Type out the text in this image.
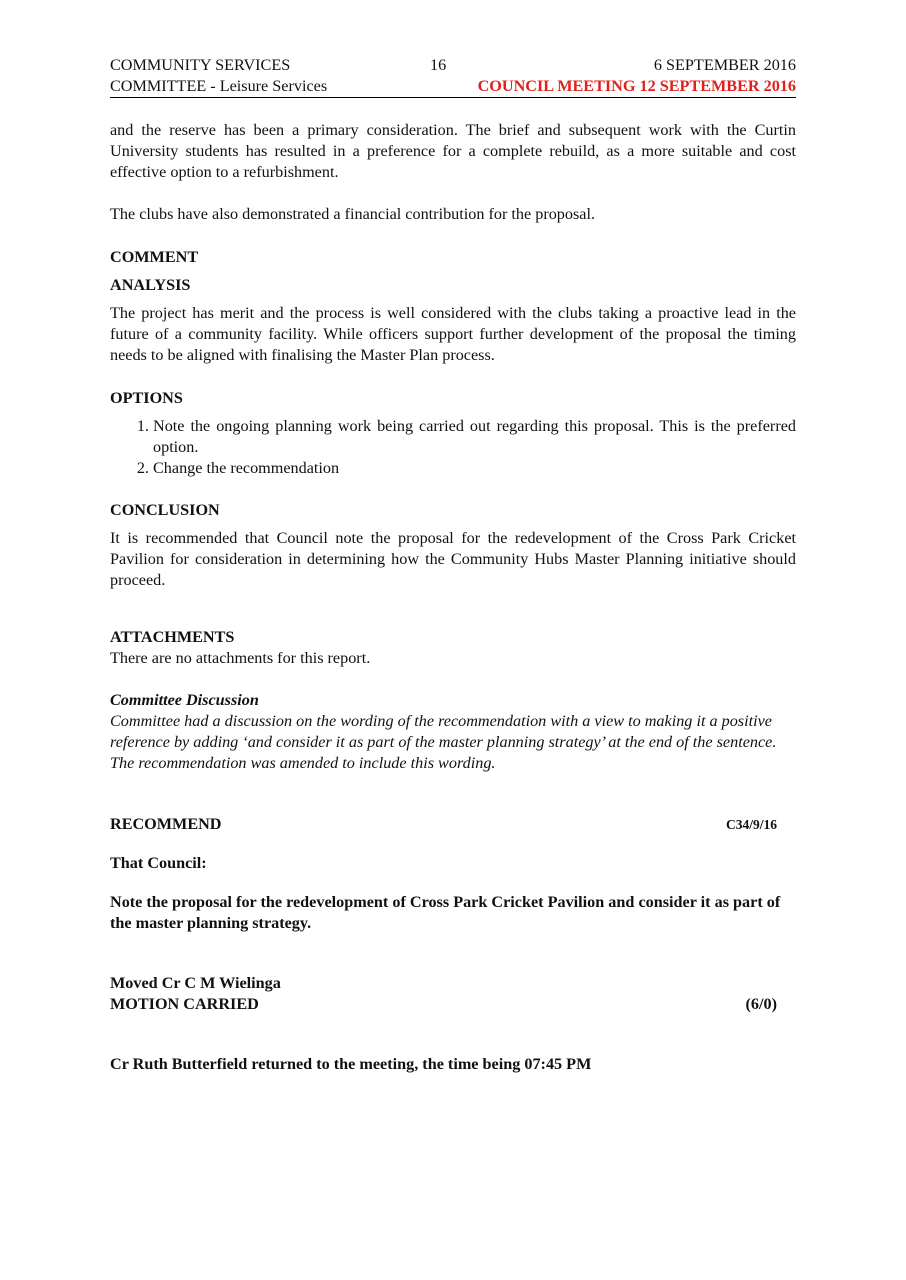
COMMUNITY SERVICES
COMMITTEE - Leisure Services
16	6 SEPTEMBER 2016
COUNCIL MEETING 12 SEPTEMBER 2016

and the reserve has been a primary consideration. The brief and subsequent work with the Curtin University students has resulted in a preference for a complete rebuild, as a more suitable and cost effective option to a refurbishment.

The clubs have also demonstrated a financial contribution for the proposal.

COMMENT

ANALYSIS

The project has merit and the process is well considered with the clubs taking a proactive lead in the future of a community facility. While officers support further development of the proposal the timing needs to be aligned with finalising the Master Plan process.

OPTIONS

1. Note the ongoing planning work being carried out regarding this proposal. This is the preferred option.
2. Change the recommendation

CONCLUSION

It is recommended that Council note the proposal for the redevelopment of the Cross Park Cricket Pavilion for consideration in determining how the Community Hubs Master Planning initiative should proceed.

ATTACHMENTS

There are no attachments for this report.

Committee Discussion

Committee had a discussion on the wording of the recommendation with a view to making it a positive reference by adding ‘and consider it as part of the master planning strategy’ at the end of the sentence. The recommendation was amended to include this wording.

RECOMMEND	C34/9/16

That Council:

Note the proposal for the redevelopment of Cross Park Cricket Pavilion and consider it as part of the master planning strategy.

Moved Cr C M Wielinga

MOTION CARRIED	(6/0)

Cr Ruth Butterfield returned to the meeting, the time being 07:45 PM
